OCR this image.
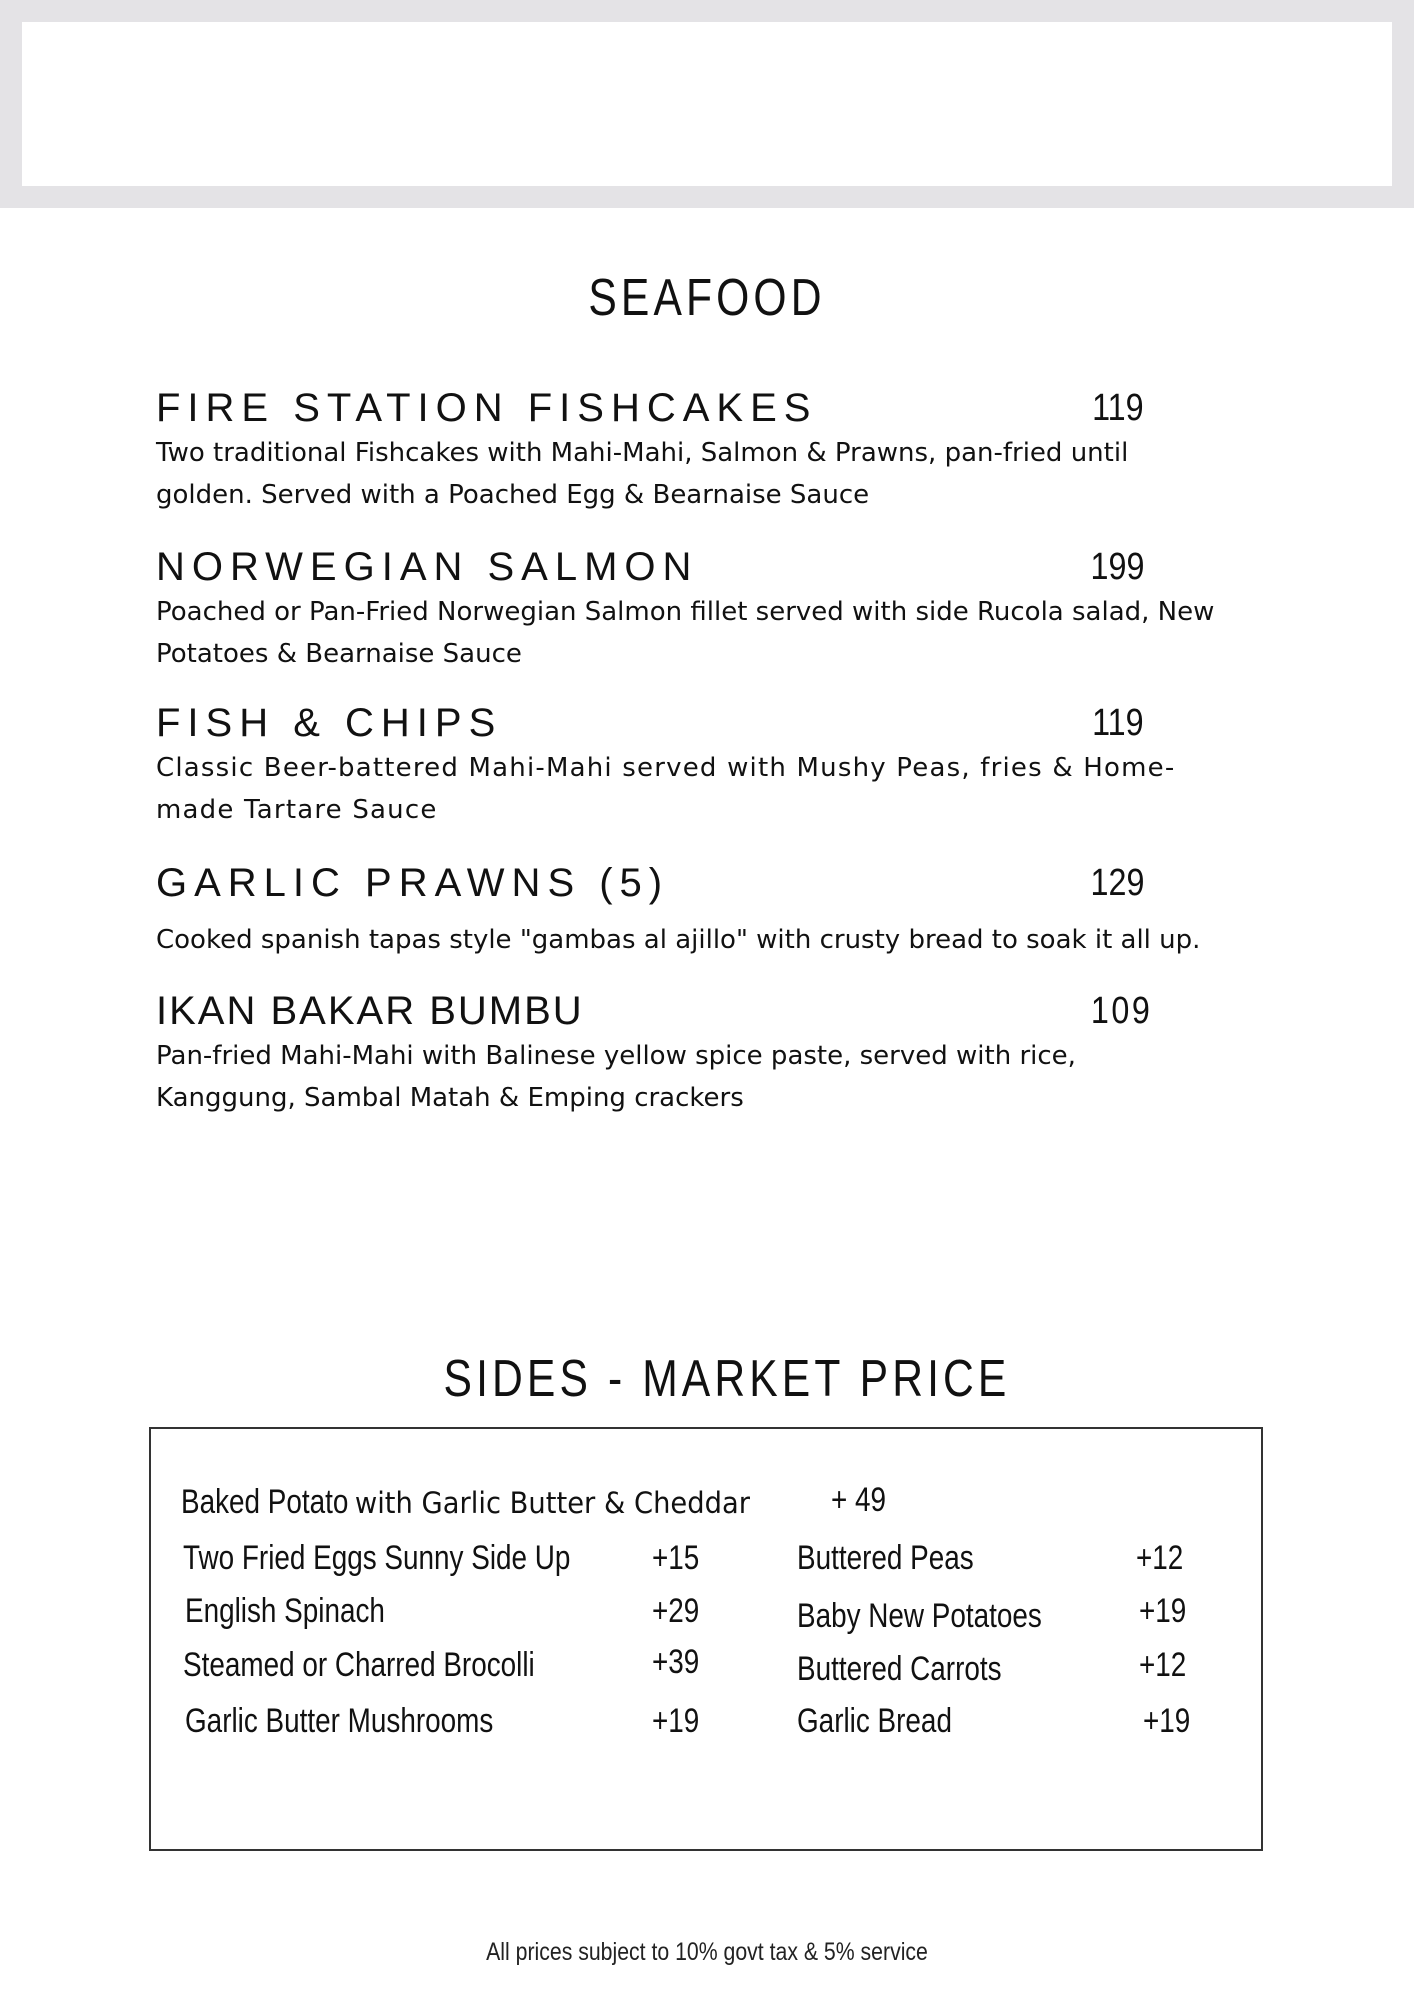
SEAFOOD
FIRE STATION FISHCAKES	119
Two traditional Fishcakes with Mahi-Mahi, Salmon & Prawns, pan-fried until golden. Served with a Poached Egg & Bearnaise Sauce
NORWEGIAN SALMON	199
Poached or Pan-Fried Norwegian Salmon fillet served with side Rucola salad, New Potatoes & Bearnaise Sauce
FISH & CHIPS	119
Classic Beer-battered Mahi-Mahi served with Mushy Peas, fries & Home-made Tartare Sauce
GARLIC PRAWNS (5)	129
Cooked spanish tapas style "gambas al ajillo" with crusty bread to soak it all up.
IKAN BAKAR BUMBU	109
Pan-fried Mahi-Mahi with Balinese yellow spice paste, served with rice, Kanggung, Sambal Matah & Emping crackers
SIDES - MARKET PRICE
Baked Potato with Garlic Butter & Cheddar + 49
Two Fried Eggs Sunny Side Up +15
English Spinach	+29
Steamed or Charred Brocolli	+39
Garlic Butter Mushrooms	+19
Buttered Peas	+12
Baby New Potatoes	+19
Buttered Carrots	+12
Garlic Bread	+19
All prices subject to 10% govt tax & 5% service
